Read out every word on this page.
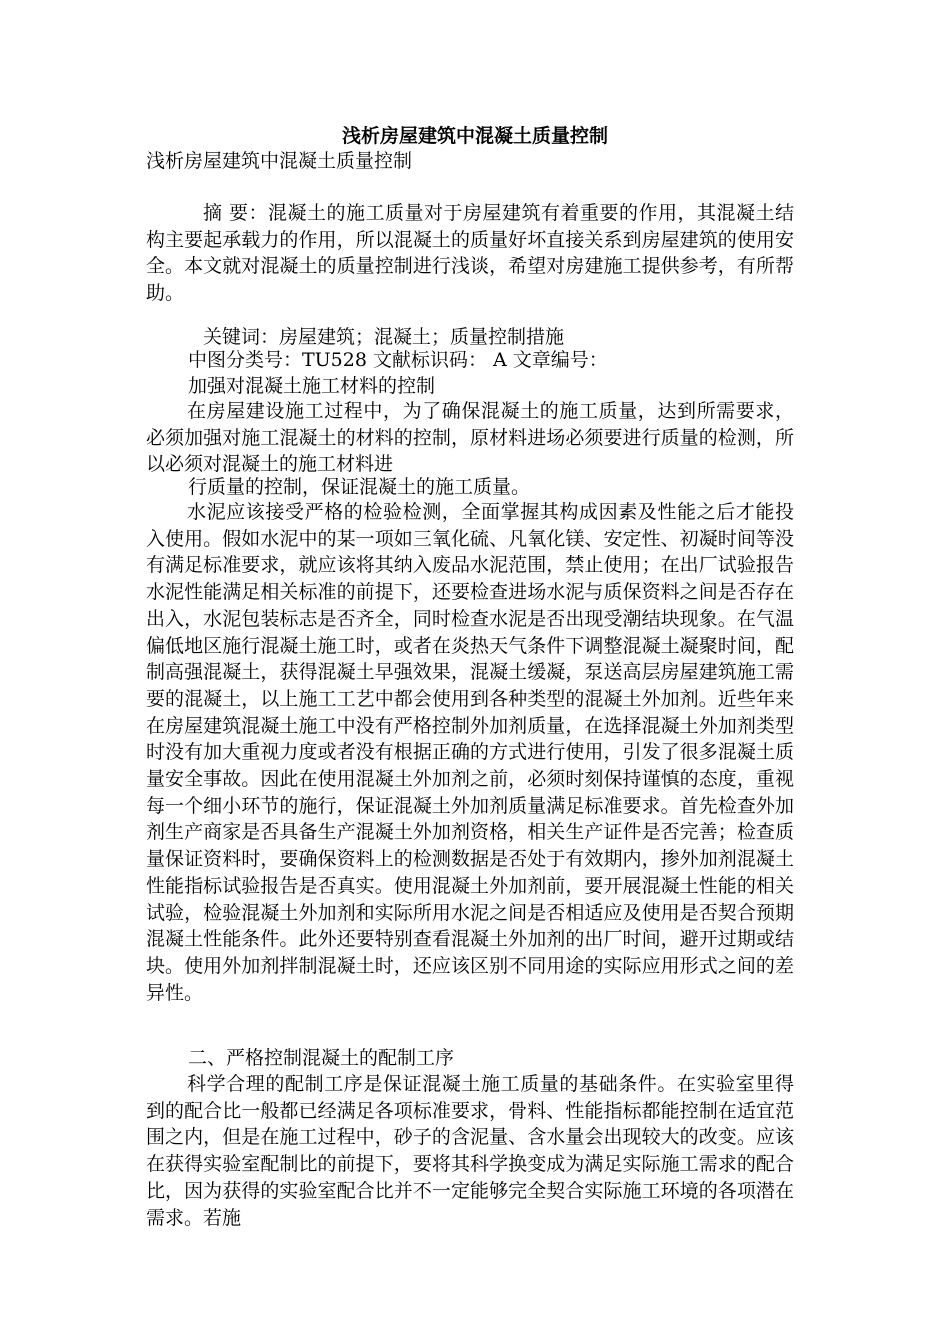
浅析房屋建筑中混凝土质量控制

浅析房屋建筑中混凝土质量控制

摘 要：混凝土的施工质量对于房屋建筑有着重要的作用，其混凝土结构主要起承载力的作用，所以混凝土的质量好坏直接关系到房屋建筑的使用安全。本文就对混凝土的质量控制进行浅谈，希望对房建施工提供参考，有所帮助。

关键词：房屋建筑；混凝土；质量控制措施

中图分类号：TU528 文献标识码： A 文章编号：

加强对混凝土施工材料的控制

在房屋建设施工过程中，为了确保混凝土的施工质量，达到所需要求，必须加强对施工混凝土的材料的控制，原材料进场必须要进行质量的检测，所以必须对混凝土的施工材料进

行质量的控制，保证混凝土的施工质量。

水泥应该接受严格的检验检测，全面掌握其构成因素及性能之后才能投入使用。假如水泥中的某一项如三氧化硫、凡氧化镁、安定性、初凝时间等没有满足标准要求，就应该将其纳入废品水泥范围，禁止使用；在出厂试验报告水泥性能满足相关标准的前提下，还要检查进场水泥与质保资料之间是否存在出入，水泥包装标志是否齐全，同时检查水泥是否出现受潮结块现象。在气温偏低地区施行混凝土施工时，或者在炎热天气条件下调整混凝土凝聚时间，配制高强混凝土，获得混凝土早强效果，混凝土缓凝，泵送高层房屋建筑施工需要的混凝土，以上施工工艺中都会使用到各种类型的混凝土外加剂。近些年来在房屋建筑混凝土施工中没有严格控制外加剂质量，在选择混凝土外加剂类型时没有加大重视力度或者没有根据正确的方式进行使用，引发了很多混凝土质量安全事故。因此在使用混凝土外加剂之前，必须时刻保持谨慎的态度，重视每一个细小环节的施行，保证混凝土外加剂质量满足标准要求。首先检查外加剂生产商家是否具备生产混凝土外加剂资格，相关生产证件是否完善；检查质量保证资料时，要确保资料上的检测数据是否处于有效期内，掺外加剂混凝土性能指标试验报告是否真实。使用混凝土外加剂前，要开展混凝土性能的相关试验，检验混凝土外加剂和实际所用水泥之间是否相适应及使用是否契合预期混凝土性能条件。此外还要特别查看混凝土外加剂的出厂时间，避开过期或结块。使用外加剂拌制混凝土时，还应该区别不同用途的实际应用形式之间的差异性。

二、严格控制混凝土的配制工序

科学合理的配制工序是保证混凝土施工质量的基础条件。在实验室里得到的配合比一般都已经满足各项标准要求，骨料、性能指标都能控制在适宜范围之内，但是在施工过程中，砂子的含泥量、含水量会出现较大的改变。应该在获得实验室配制比的前提下，要将其科学换变成为满足实际施工需求的配合比，因为获得的实验室配合比并不一定能够完全契合实际施工环境的各项潜在需求。若施
